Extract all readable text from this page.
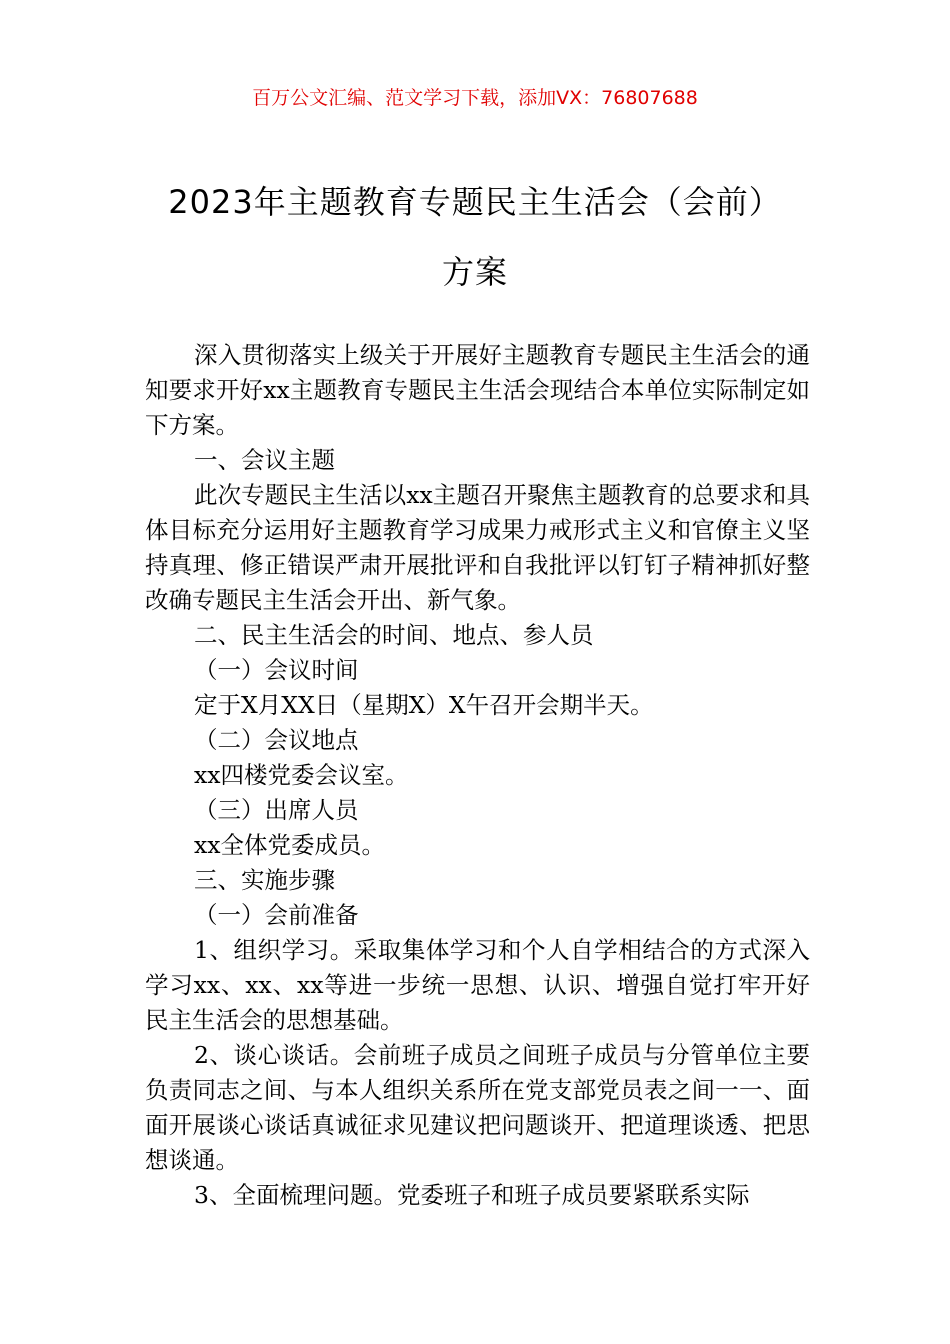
百万公文汇编、范文学习下载，添加VX：76807688
2023年主题教育专题民主生活会（会前）
方案

深入贯彻落实上级关于开展好主题教育专题民主生活会的通知要求开好xx主题教育专题民主生活会现结合本单位实际制定如下方案。

一、会议主题

此次专题民主生活以xx主题召开聚焦主题教育的总要求和具体目标充分运用好主题教育学习成果力戒形式主义和官僚主义坚持真理、修正错误严肃开展批评和自我批评以钉钉子精神抓好整改确专题民主生活会开出、新气象。

二、民主生活会的时间、地点、参人员

（一）会议时间

定于X月XX日（星期X）X午召开会期半天。

（二）会议地点

xx四楼党委会议室。

（三）出席人员

xx全体党委成员。

三、实施步骤

（一）会前准备

1、组织学习。采取集体学习和个人自学相结合的方式深入学习xx、xx、xx等进一步统一思想、认识、增强自觉打牢开好民主生活会的思想基础。

2、谈心谈话。会前班子成员之间班子成员与分管单位主要负责同志之间、与本人组织关系所在党支部党员表之间一一、面面开展谈心谈话真诚征求见建议把问题谈开、把道理谈透、把思想谈通。

3、全面梳理问题。党委班子和班子成员要紧联系实际
